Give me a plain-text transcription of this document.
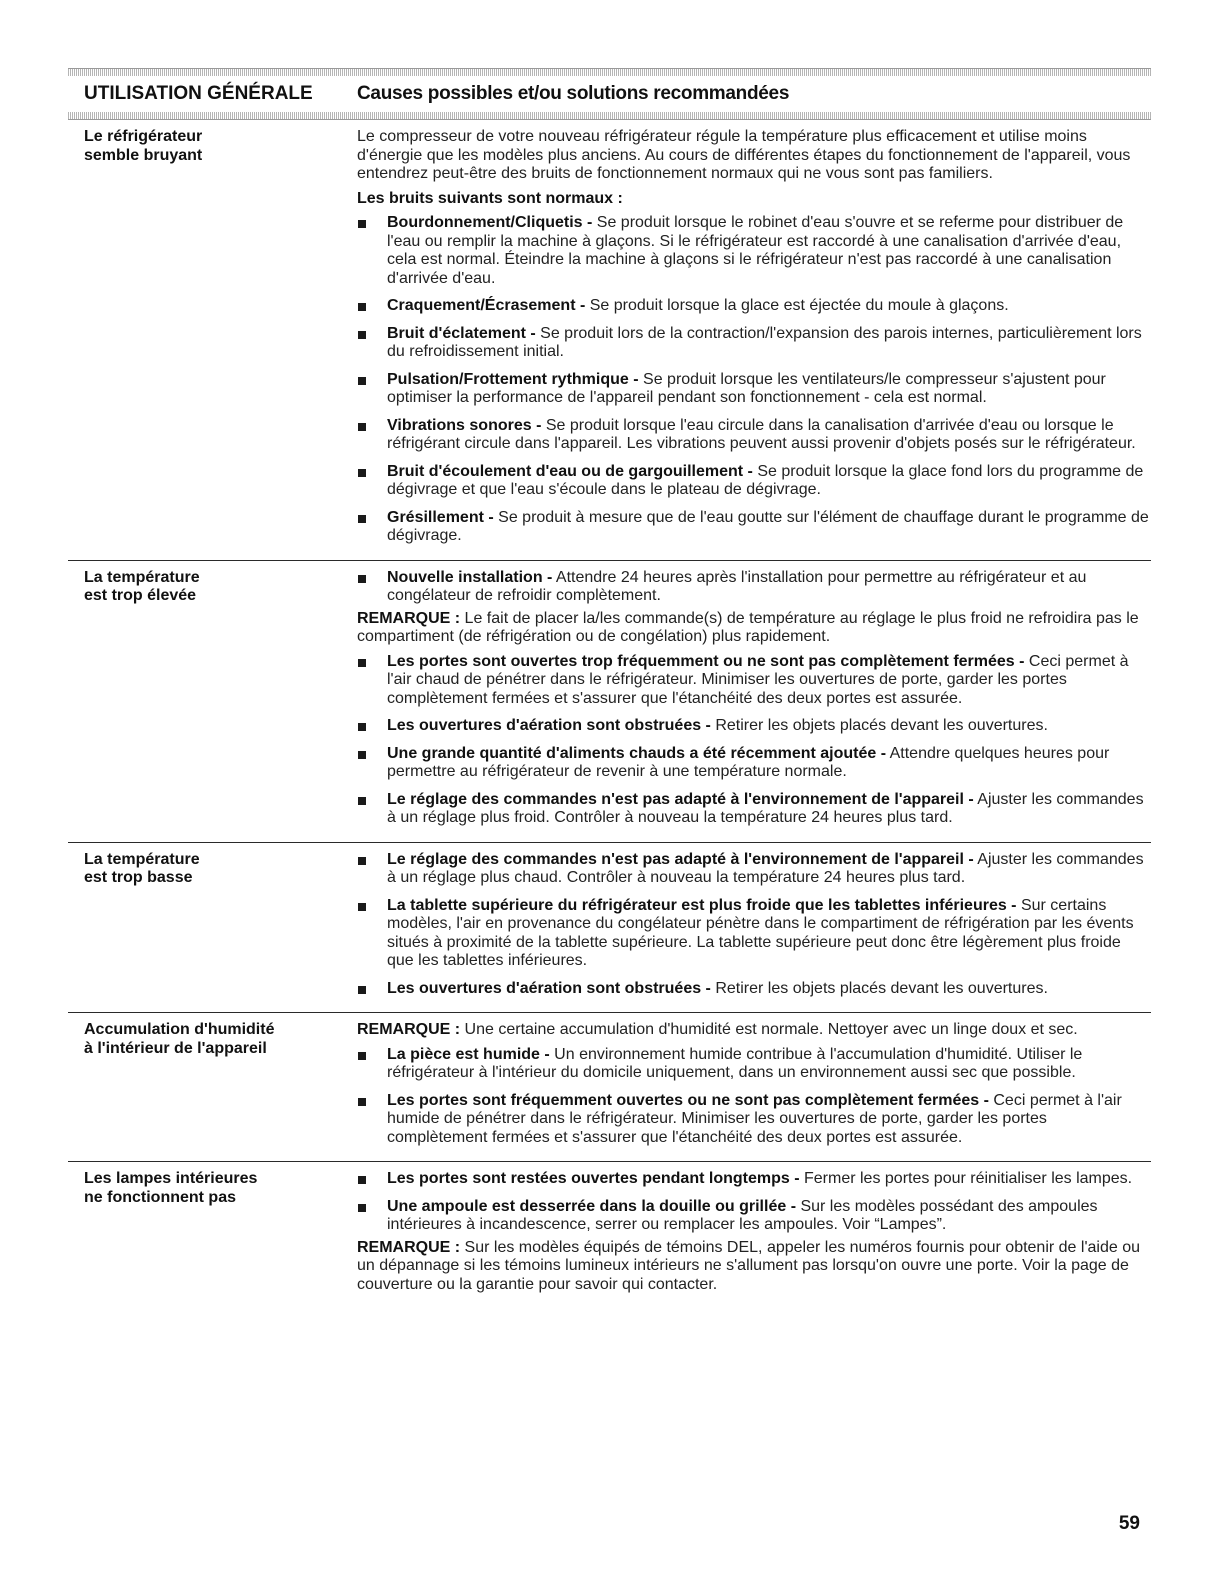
UTILISATION GÉNÉRALE	Causes possibles et/ou solutions recommandées
Le réfrigérateur
semble bruyant

Le compresseur de votre nouveau réfrigérateur régule la température plus efficacement et utilise moins d'énergie que les modèles plus anciens. Au cours de différentes étapes du fonctionnement de l'appareil, vous entendrez peut-être des bruits de fonctionnement normaux qui ne vous sont pas familiers.

Les bruits suivants sont normaux :

Bourdonnement/Cliquetis - Se produit lorsque le robinet d'eau s'ouvre et se referme pour distribuer de l'eau ou remplir la machine à glaçons. Si le réfrigérateur est raccordé à une canalisation d'arrivée d'eau, cela est normal. Éteindre la machine à glaçons si le réfrigérateur n'est pas raccordé à une canalisation d'arrivée d'eau.
Craquement/Écrasement - Se produit lorsque la glace est éjectée du moule à glaçons.
Bruit d'éclatement - Se produit lors de la contraction/l'expansion des parois internes, particulièrement lors du refroidissement initial.
Pulsation/Frottement rythmique - Se produit lorsque les ventilateurs/le compresseur s'ajustent pour optimiser la performance de l'appareil pendant son fonctionnement - cela est normal.
Vibrations sonores - Se produit lorsque l'eau circule dans la canalisation d'arrivée d'eau ou lorsque le réfrigérant circule dans l'appareil. Les vibrations peuvent aussi provenir d'objets posés sur le réfrigérateur.
Bruit d'écoulement d'eau ou de gargouillement - Se produit lorsque la glace fond lors du programme de dégivrage et que l'eau s'écoule dans le plateau de dégivrage.
Grésillement - Se produit à mesure que de l'eau goutte sur l'élément de chauffage durant le programme de dégivrage.
La température
est trop élevée
Nouvelle installation - Attendre 24 heures après l'installation pour permettre au réfrigérateur et au congélateur de refroidir complètement.

REMARQUE : Le fait de placer la/les commande(s) de température au réglage le plus froid ne refroidira pas le compartiment (de réfrigération ou de congélation) plus rapidement.

Les portes sont ouvertes trop fréquemment ou ne sont pas complètement fermées - Ceci permet à l'air chaud de pénétrer dans le réfrigérateur. Minimiser les ouvertures de porte, garder les portes complètement fermées et s'assurer que l'étanchéité des deux portes est assurée.
Les ouvertures d'aération sont obstruées - Retirer les objets placés devant les ouvertures.
Une grande quantité d'aliments chauds a été récemment ajoutée - Attendre quelques heures pour permettre au réfrigérateur de revenir à une température normale.
Le réglage des commandes n'est pas adapté à l'environnement de l'appareil - Ajuster les commandes à un réglage plus froid. Contrôler à nouveau la température 24 heures plus tard.
La température
est trop basse
Le réglage des commandes n'est pas adapté à l'environnement de l'appareil - Ajuster les commandes à un réglage plus chaud. Contrôler à nouveau la température 24 heures plus tard.
La tablette supérieure du réfrigérateur est plus froide que les tablettes inférieures - Sur certains modèles, l'air en provenance du congélateur pénètre dans le compartiment de réfrigération par les évents situés à proximité de la tablette supérieure. La tablette supérieure peut donc être légèrement plus froide que les tablettes inférieures.
Les ouvertures d'aération sont obstruées - Retirer les objets placés devant les ouvertures.
Accumulation d'humidité
à l'intérieur de l'appareil

REMARQUE : Une certaine accumulation d'humidité est normale. Nettoyer avec un linge doux et sec.

La pièce est humide - Un environnement humide contribue à l'accumulation d'humidité. Utiliser le réfrigérateur à l'intérieur du domicile uniquement, dans un environnement aussi sec que possible.
Les portes sont fréquemment ouvertes ou ne sont pas complètement fermées - Ceci permet à l'air humide de pénétrer dans le réfrigérateur. Minimiser les ouvertures de porte, garder les portes complètement fermées et s'assurer que l'étanchéité des deux portes est assurée.
Les lampes intérieures
ne fonctionnent pas
Les portes sont restées ouvertes pendant longtemps - Fermer les portes pour réinitialiser les lampes.
Une ampoule est desserrée dans la douille ou grillée - Sur les modèles possédant des ampoules intérieures à incandescence, serrer ou remplacer les ampoules. Voir “Lampes”.

REMARQUE : Sur les modèles équipés de témoins DEL, appeler les numéros fournis pour obtenir de l'aide ou un dépannage si les témoins lumineux intérieurs ne s'allument pas lorsqu'on ouvre une porte. Voir la page de couverture ou la garantie pour savoir qui contacter.

59
